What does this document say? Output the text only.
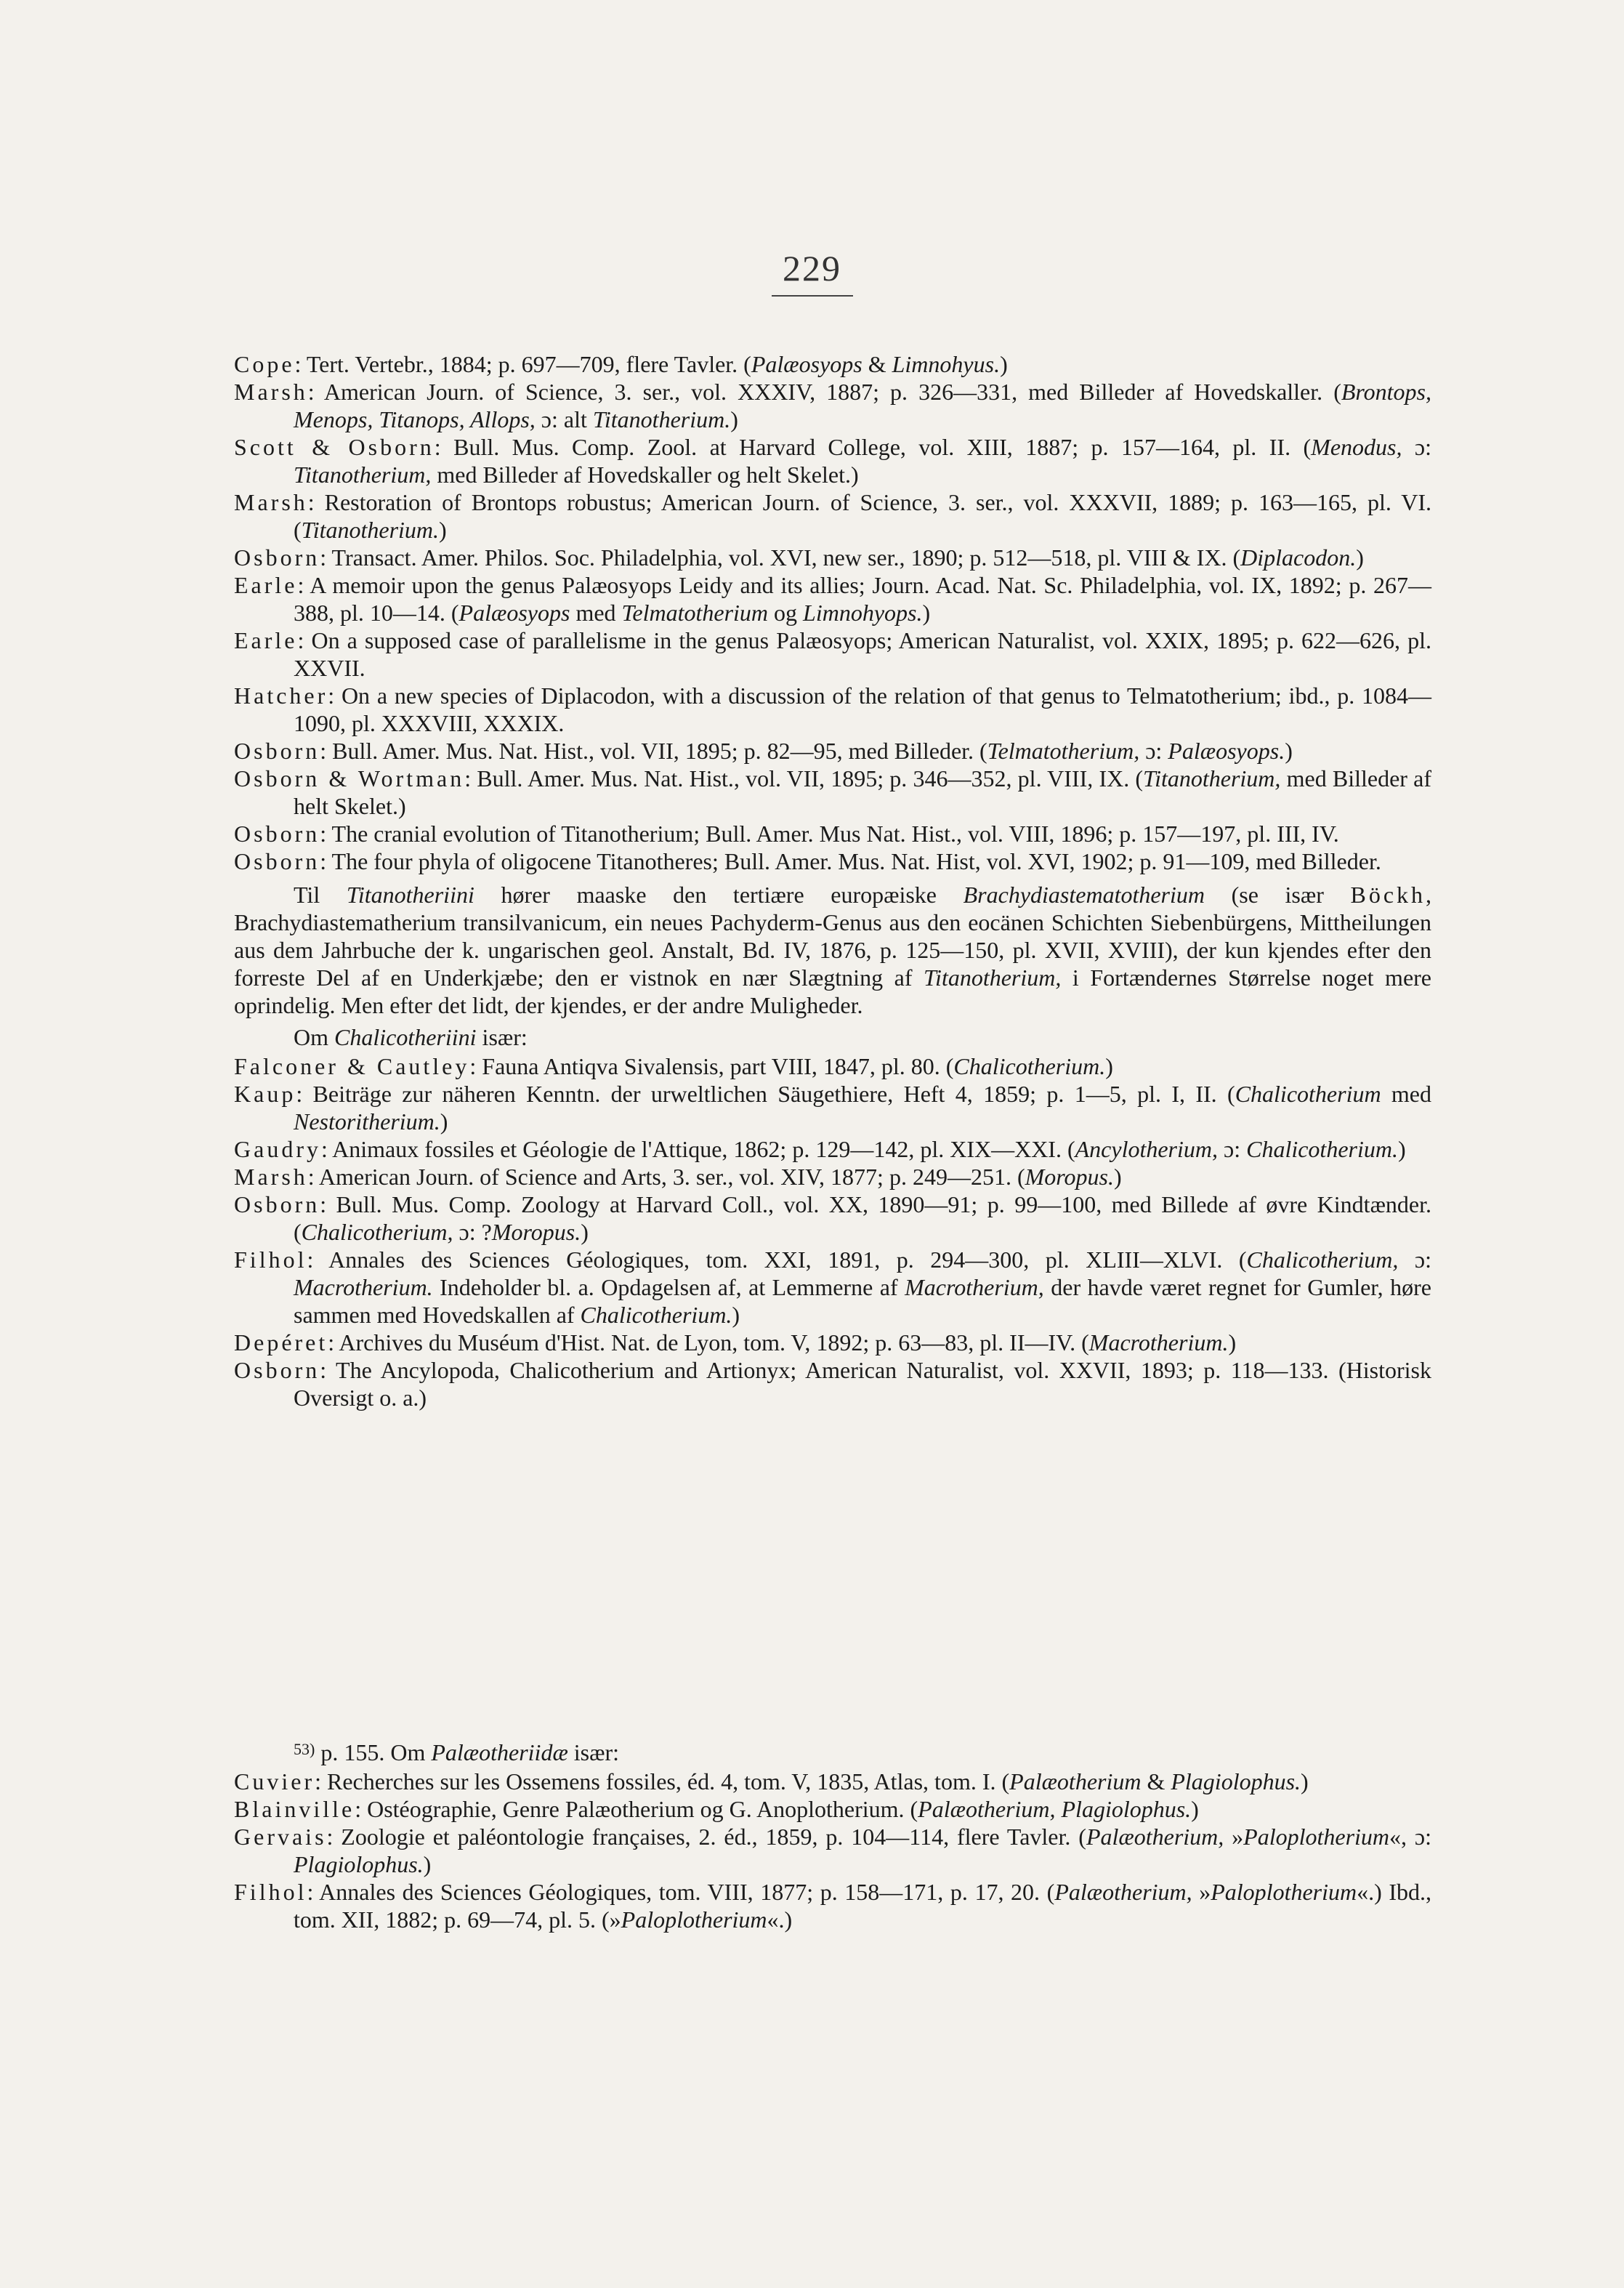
229
Cope: Tert. Vertebr., 1884; p. 697—709, flere Tavler. (Palæosyops & Limnohyus.)
Marsh: American Journ. of Science, 3. ser., vol. XXXIV, 1887; p. 326—331, med Billeder af Hovedskaller. (Brontops, Menops, Titanops, Allops, ɔ: alt Titanotherium.)
Scott & Osborn: Bull. Mus. Comp. Zool. at Harvard College, vol. XIII, 1887; p. 157—164, pl. II. (Menodus, ɔ: Titanotherium, med Billeder af Hovedskaller og helt Skelet.)
Marsh: Restoration of Brontops robustus; American Journ. of Science, 3. ser., vol. XXXVII, 1889; p. 163—165, pl. VI. (Titanotherium.)
Osborn: Transact. Amer. Philos. Soc. Philadelphia, vol. XVI, new ser., 1890; p. 512—518, pl. VIII & IX. (Diplacodon.)
Earle: A memoir upon the genus Palæosyops Leidy and its allies; Journ. Acad. Nat. Sc. Philadelphia, vol. IX, 1892; p. 267—388, pl. 10—14. (Palæosyops med Telmatotherium og Limnohyops.)
Earle: On a supposed case of parallelisme in the genus Palæosyops; American Naturalist, vol. XXIX, 1895; p. 622—626, pl. XXVII.
Hatcher: On a new species of Diplacodon, with a discussion of the relation of that genus to Telmatotherium; ibd., p. 1084—1090, pl. XXXVIII, XXXIX.
Osborn: Bull. Amer. Mus. Nat. Hist., vol. VII, 1895; p. 82—95, med Billeder. (Telmatotherium, ɔ: Palæosyops.)
Osborn & Wortman: Bull. Amer. Mus. Nat. Hist., vol. VII, 1895; p. 346—352, pl. VIII, IX. (Titanotherium, med Billeder af helt Skelet.)
Osborn: The cranial evolution of Titanotherium; Bull. Amer. Mus Nat. Hist., vol. VIII, 1896; p. 157—197, pl. III, IV.
Osborn: The four phyla of oligocene Titanotheres; Bull. Amer. Mus. Nat. Hist, vol. XVI, 1902; p. 91—109, med Billeder.
Til Titanotheriini hører maaske den tertiære europæiske Brachydiastematotherium (se især Böckh, Brachydiastematherium transilvanicum, ein neues Pachyderm-Genus aus den eocänen Schichten Siebenbürgens, Mittheilungen aus dem Jahrbuche der k. ungarischen geol. Anstalt, Bd. IV, 1876, p. 125—150, pl. XVII, XVIII), der kun kjendes efter den forreste Del af en Underkjæbe; den er vistnok en nær Slægtning af Titanotherium, i Fortændernes Størrelse noget mere oprindelig. Men efter det lidt, der kjendes, er der andre Muligheder.
Om Chalicotheriini især:
Falconer & Cautley: Fauna Antiqva Sivalensis, part VIII, 1847, pl. 80. (Chalicotherium.)
Kaup: Beiträge zur näheren Kenntn. der urweltlichen Säugethiere, Heft 4, 1859; p. 1—5, pl. I, II. (Chalicotherium med Nestoritherium.)
Gaudry: Animaux fossiles et Géologie de l'Attique, 1862; p. 129—142, pl. XIX—XXI. (Ancylotherium, ɔ: Chalicotherium.)
Marsh: American Journ. of Science and Arts, 3. ser., vol. XIV, 1877; p. 249—251. (Moropus.)
Osborn: Bull. Mus. Comp. Zoology at Harvard Coll., vol. XX, 1890—91; p. 99—100, med Billede af øvre Kindtænder. (Chalicotherium, ɔ: ?Moropus.)
Filhol: Annales des Sciences Géologiques, tom. XXI, 1891, p. 294—300, pl. XLIII—XLVI. (Chalicotherium, ɔ: Macrotherium. Indeholder bl. a. Opdagelsen af, at Lemmerne af Macrotherium, der havde været regnet for Gumler, høre sammen med Hovedskallen af Chalicotherium.)
Depéret: Archives du Muséum d'Hist. Nat. de Lyon, tom. V, 1892; p. 63—83, pl. II—IV. (Macrotherium.)
Osborn: The Ancylopoda, Chalicotherium and Artionyx; American Naturalist, vol. XXVII, 1893; p. 118—133. (Historisk Oversigt o. a.)
$^{53)}$ p. 155. Om Palæotheriidæ især:
Cuvier: Recherches sur les Ossemens fossiles, éd. 4, tom. V, 1835, Atlas, tom. I. (Palæotherium & Plagiolophus.)
Blainville: Ostéographie, Genre Palæotherium og G. Anoplotherium. (Palæotherium, Plagiolophus.)
Gervais: Zoologie et paléontologie françaises, 2. éd., 1859, p. 104—114, flere Tavler. (Palæotherium, »Paloplotherium«, ɔ: Plagiolophus.)
Filhol: Annales des Sciences Géologiques, tom. VIII, 1877; p. 158—171, p. 17, 20. (Palæotherium, »Paloplotherium«.) Ibd., tom. XII, 1882; p. 69—74, pl. 5. (»Paloplotherium«.)
